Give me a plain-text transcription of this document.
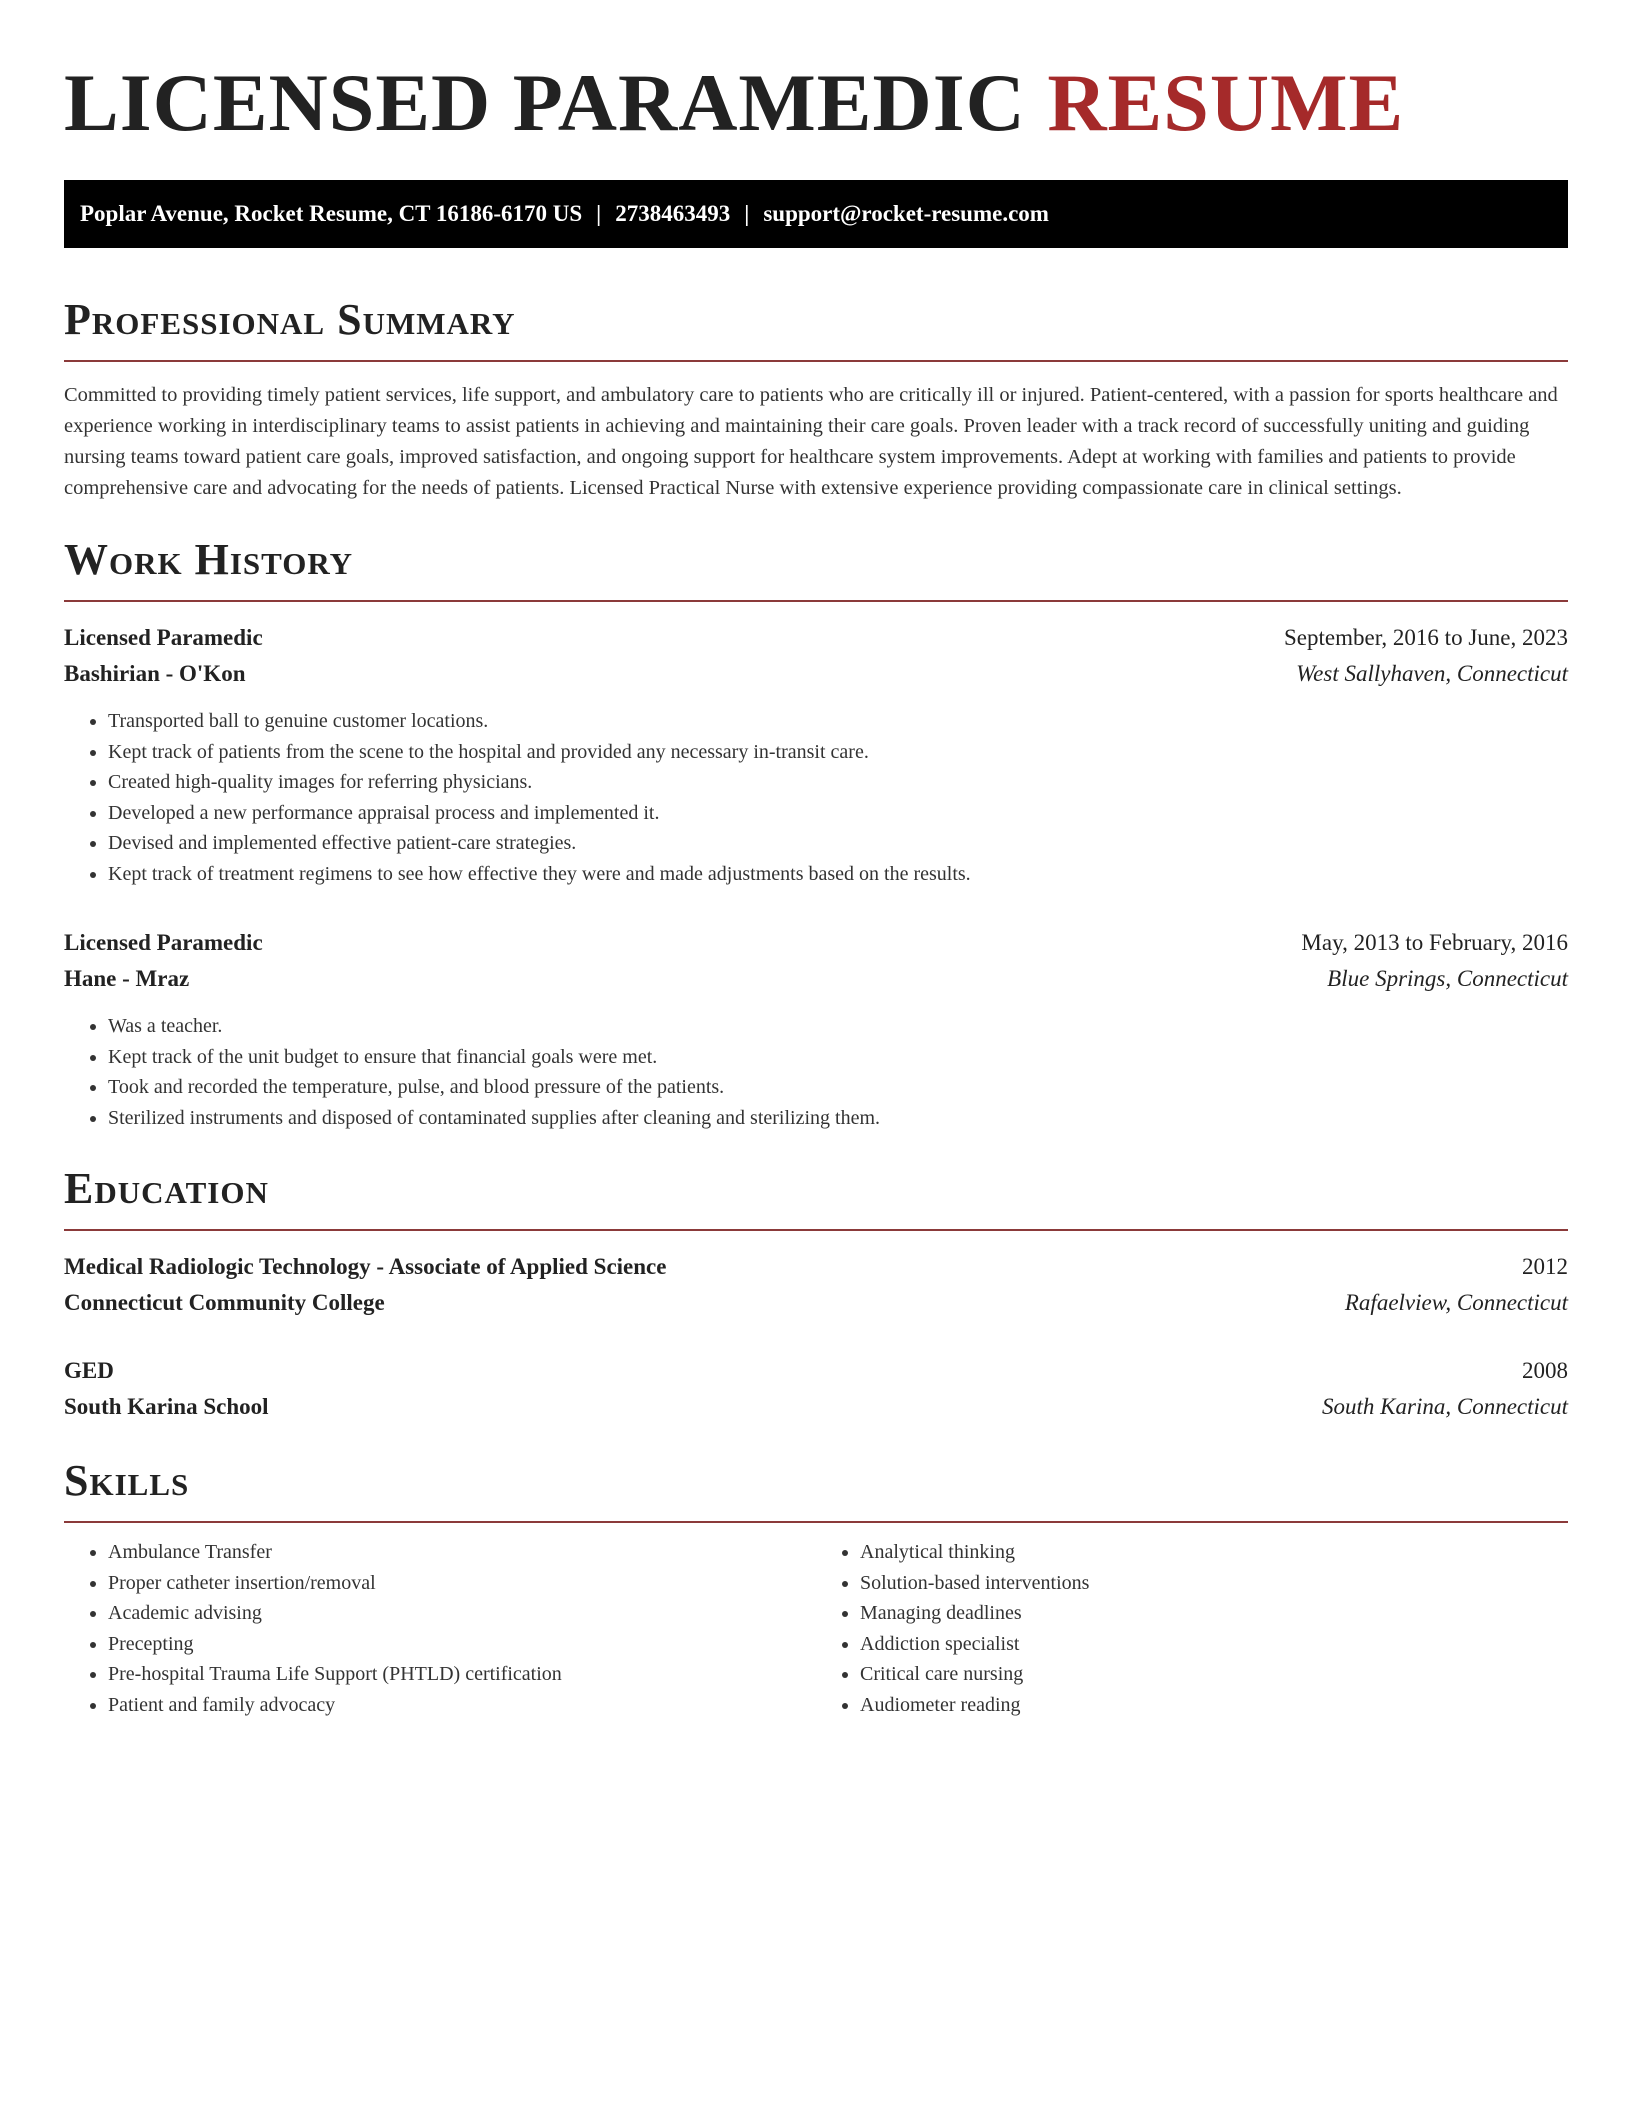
LICENSED PARAMEDIC RESUME
Poplar Avenue, Rocket Resume, CT 16186-6170 US | 2738463493 | support@rocket-resume.com
Professional Summary

Committed to providing timely patient services, life support, and ambulatory care to patients who are critically ill or injured. Patient-centered, with a passion for sports healthcare and experience working in interdisciplinary teams to assist patients in achieving and maintaining their care goals. Proven leader with a track record of successfully uniting and guiding nursing teams toward patient care goals, improved satisfaction, and ongoing support for healthcare system improvements. Adept at working with families and patients to provide comprehensive care and advocating for the needs of patients. Licensed Practical Nurse with extensive experience providing compassionate care in clinical settings.

Work History
Licensed Paramedic	September, 2016 to June, 2023
Bashirian - O'Kon	West Sallyhaven, Connecticut
• Transported ball to genuine customer locations.
• Kept track of patients from the scene to the hospital and provided any necessary in-transit care.
• Created high-quality images for referring physicians.
• Developed a new performance appraisal process and implemented it.
• Devised and implemented effective patient-care strategies.
• Kept track of treatment regimens to see how effective they were and made adjustments based on the results.
Licensed Paramedic	May, 2013 to February, 2016
Hane - Mraz	Blue Springs, Connecticut
• Was a teacher.
• Kept track of the unit budget to ensure that financial goals were met.
• Took and recorded the temperature, pulse, and blood pressure of the patients.
• Sterilized instruments and disposed of contaminated supplies after cleaning and sterilizing them.
Education
Medical Radiologic Technology - Associate of Applied Science	2012
Connecticut Community College	Rafaelview, Connecticut
GED	2008
South Karina School	South Karina, Connecticut
Skills
• Ambulance Transfer
• Proper catheter insertion/removal
• Academic advising
• Precepting
• Pre-hospital Trauma Life Support (PHTLD) certification
• Patient and family advocacy
• Analytical thinking
• Solution-based interventions
• Managing deadlines
• Addiction specialist
• Critical care nursing
• Audiometer reading
